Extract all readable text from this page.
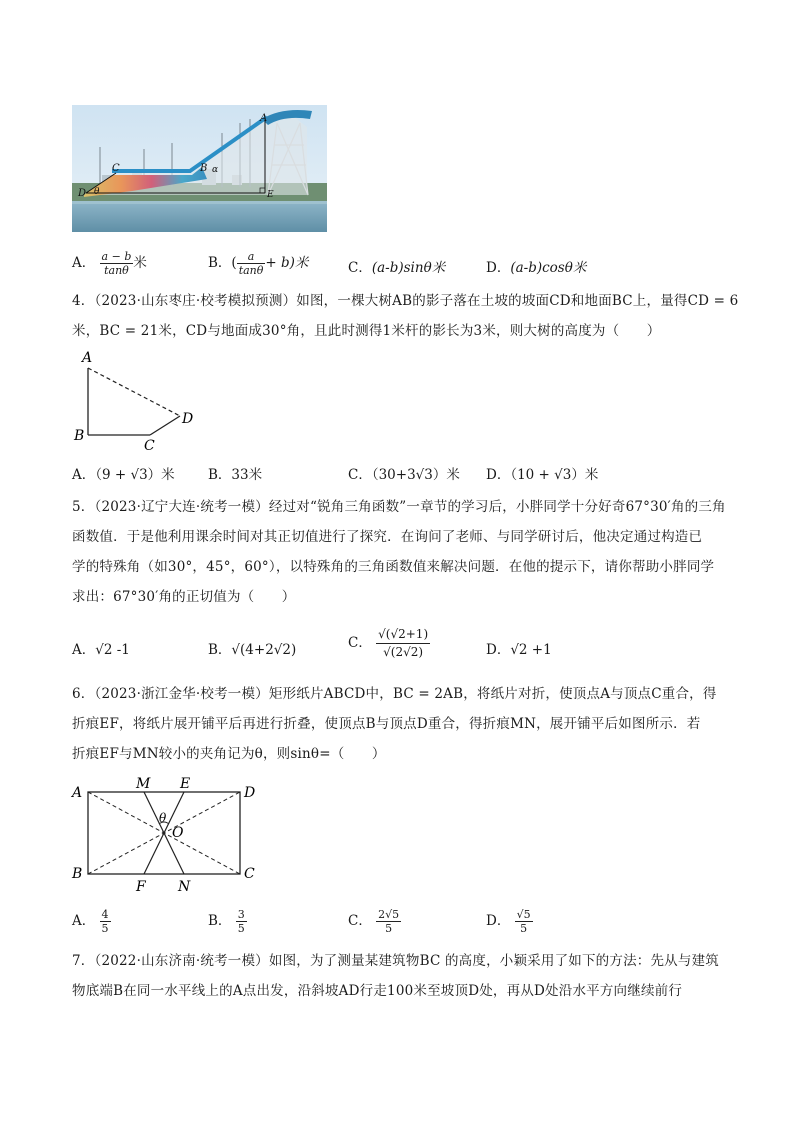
A
B α
C
D θ	E
A． $\frac{a - b}{\tan\theta}$ 米	B．( $\frac{a}{\tan\theta} + b$)米	C．(a-b)sinθ米	D．(a-b)cosθ米
4．（2023·山东枣庄·校考模拟预测）如图，一棵大树AB的影子落在土坡的坡面CD和地面BC上，量得CD = 6
米，BC = 21米，CD与地面成30°角，且此时测得1米杆的影长为3米，则大树的高度为（　　）
A
B
C
D
A．（9 + √3）米 B．33米	C．（30+3√3）米 D．（10 + √3）米
5．（2023·辽宁大连·统考一模）经过对“锐角三角函数”一章节的学习后，小胖同学十分好奇67°30′角的三角
函数值．于是他利用课余时间对其正切值进行了探究．在询问了老师、与同学研讨后，他决定通过构造已
学的特殊角（如30°，45°，60°），以特殊角的三角函数值来解决问题．在他的提示下，请你帮助小胖同学
求出：67°30′角的正切值为（　　）
A．√2 -1	B．√(4+2√2)	C． $\frac{√(√2+1)}{√(2√2)}$	D．√2 +1
6．（2023·浙江金华·校考一模）矩形纸片ABCD中，BC = 2AB，将纸片对折，使顶点A与顶点C重合，得
折痕EF，将纸片展开铺平后再进行折叠，使顶点B与顶点D重合，得折痕MN，展开铺平后如图所示．若
折痕EF与MN较小的夹角记为θ，则sinθ=（　　）
A	D
B	C
M E
F N
O
θ
A． $\frac{4}{5}$	B． $\frac{3}{5}$	C． $\frac{2√5}{5}$	D． $\frac{√5}{5}$
7．（2022·山东济南·统考一模）如图，为了测量某建筑物BC 的高度，小颖采用了如下的方法：先从与建筑
物底端B在同一水平线上的A点出发，沿斜坡AD行走100米至坡顶D处，再从D处沿水平方向继续前行
